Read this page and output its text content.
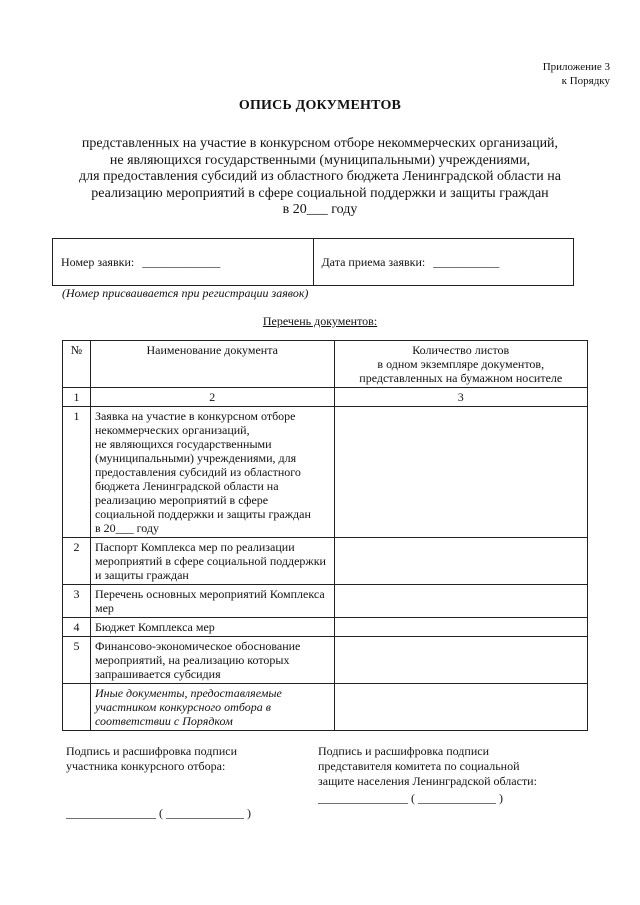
Приложение 3
к Порядку
ОПИСЬ ДОКУМЕНТОВ
представленных на участие в конкурсном отборе некоммерческих организаций,
не являющихся государственными (муниципальными) учреждениями,
для предоставления субсидий из областного бюджета Ленинградской области на
реализацию мероприятий в сфере социальной поддержки и защиты граждан
в 20___ году
Номер заявки: _____________	Дата приема заявки: ___________
(Номер присваивается при регистрации заявок)
Перечень документов:
№	Наименование документа	Количество листов
в одном экземпляре документов,
представленных на бумажном носителе
1	2	3
1	Заявка на участие в конкурсном отборе некоммерческих организаций,
не являющихся государственными (муниципальными) учреждениями, для предоставления субсидий из областного бюджета Ленинградской области на реализацию мероприятий в сфере социальной поддержки и защиты граждан
в 20___ году	
2	Паспорт Комплекса мер по реализации мероприятий в сфере социальной поддержки и защиты граждан	
3	Перечень основных мероприятий Комплекса мер	
4	Бюджет Комплекса мер	
5	Финансово-экономическое обоснование мероприятий, на реализацию которых запрашивается субсидия	
	Иные документы, предоставляемые участником конкурсного отбора в соответствии с Порядком	
Подпись и расшифровка подписи
участника конкурсного отбора:
Подпись и расшифровка подписи
представителя комитета по социальной
защите населения Ленинградской области:
_______________ ( _____________ )
_______________ ( _____________ )
